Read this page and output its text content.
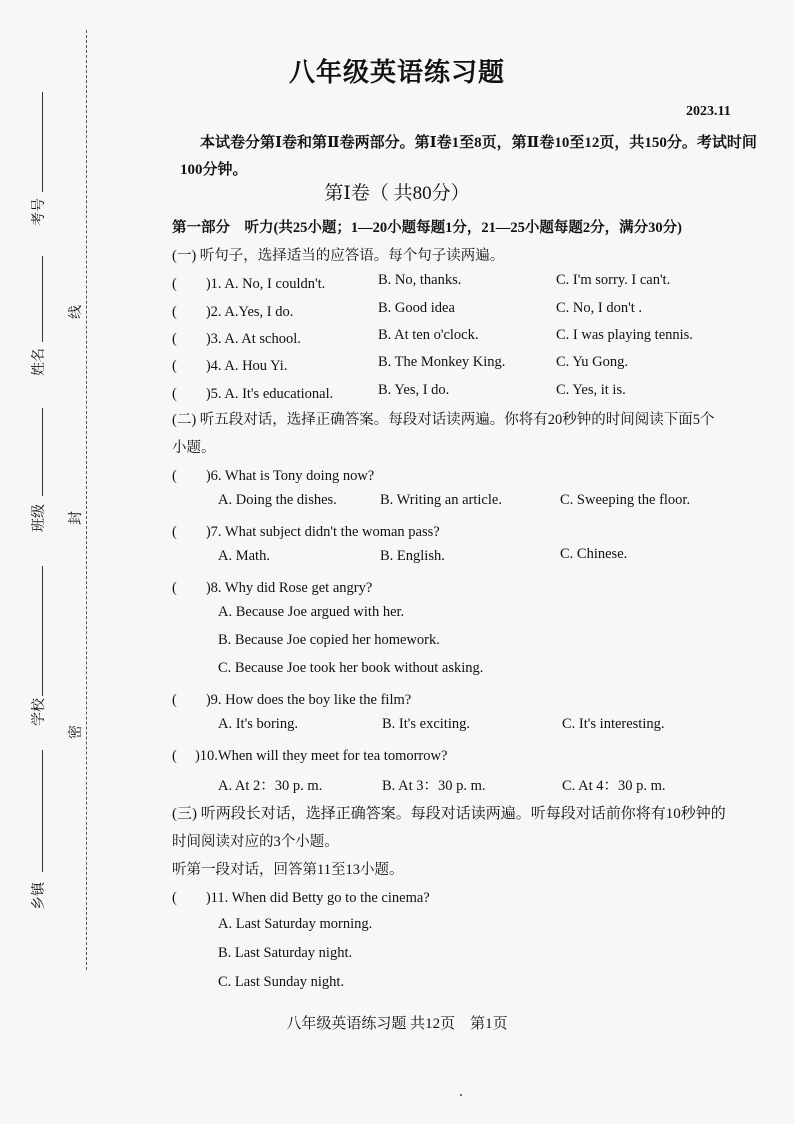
考号
姓名
班级
学校
乡镇
线
封
密
八年级英语练习题
2023.11

本试卷分第Ⅰ卷和第Ⅱ卷两部分。第Ⅰ卷1至8页，第Ⅱ卷10至12页，共150分。考试时间100分钟。

第Ⅰ卷（ 共80分）
第一部分　听力(共25小题；1—20小题每题1分，21—25小题每题2分，满分30分)
(一) 听句子，选择适当的应答语。每个句子读两遍。
(　　)1. A. No, I couldn't.	B. No, thanks.	C. I'm sorry. I can't.
(　　)2. A.Yes, I do.	B. Good idea	C. No, I don't .
(　　)3. A. At school.	B. At ten o'clock.	C. I was playing tennis.
(　　)4. A. Hou Yi.	B. The Monkey King.	C. Yu Gong.
(　　)5. A. It's educational.	B. Yes, I do.	C. Yes, it is.
(二) 听五段对话，选择正确答案。每段对话读两遍。你将有20秒钟的时间阅读下面5个
小题。
(　　)6. What is Tony doing now?
A. Doing the dishes.	B. Writing an article.	C. Sweeping the floor.
(　　)7. What subject didn't the woman pass?
A. Math.	B. English.	C. Chinese.
(　　)8. Why did Rose get angry?
A. Because Joe argued with her.
B. Because Joe copied her homework.
C. Because Joe took her book without asking.
(　　)9. How does the boy like the film?
A. It's boring.	B. It's exciting.	C. It's interesting.
(　 )10.When will they meet for tea tomorrow?
A. At 2：30 p. m.	B. At 3：30 p. m.	C. At 4：30 p. m.
(三) 听两段长对话，选择正确答案。每段对话读两遍。听每段对话前你将有10秒钟的
时间阅读对应的3个小题。
听第一段对话，回答第11至13小题。
(　　)11. When did Betty go to the cinema?
A. Last Saturday morning.
B. Last Saturday night.
C. Last Sunday night.
八年级英语练习题 共12页　第1页
